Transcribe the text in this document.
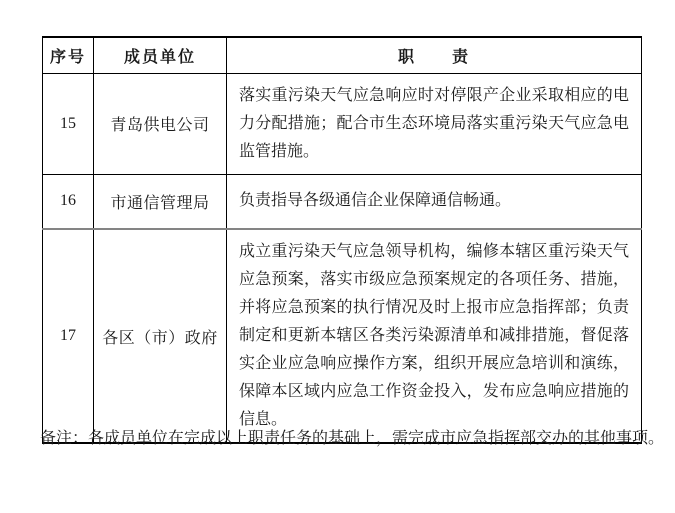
序号	成员单位	职　　责
15	青岛供电公司	落实重污染天气应急响应时对停限产企业采取相应的电力分配措施；配合市生态环境局落实重污染天气应急电监管措施。
16	市通信管理局	负责指导各级通信企业保障通信畅通。
17	各区（市）政府	成立重污染天气应急领导机构，编修本辖区重污染天气应急预案，落实市级应急预案规定的各项任务、措施，并将应急预案的执行情况及时上报市应急指挥部；负责制定和更新本辖区各类污染源清单和减排措施，督促落实企业应急响应操作方案，组织开展应急培训和演练，保障本区域内应急工作资金投入，发布应急响应措施的信息。

备注：各成员单位在完成以上职责任务的基础上，需完成市应急指挥部交办的其他事项。
